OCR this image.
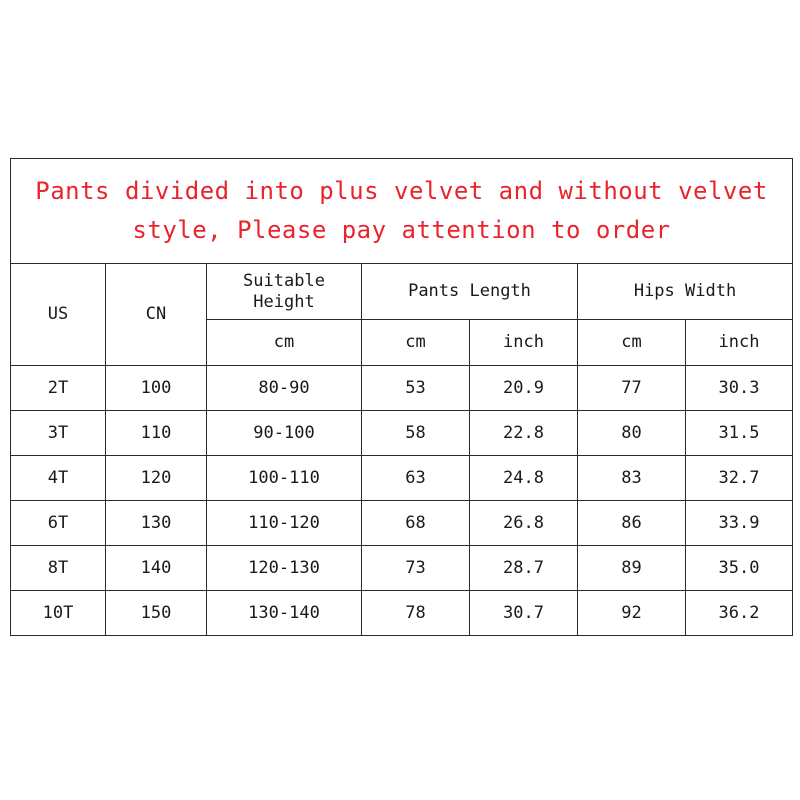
Pants divided into plus velvet and without velvet style, Please pay attention to order						
US	CN	Suitable Height	Pants Length		Hips Width	
		cm	cm	inch	cm	inch
2T	100	80-90	53	20.9	77	30.3
3T	110	90-100	58	22.8	80	31.5
4T	120	100-110	63	24.8	83	32.7
6T	130	110-120	68	26.8	86	33.9
8T	140	120-130	73	28.7	89	35.0
10T	150	130-140	78	30.7	92	36.2
